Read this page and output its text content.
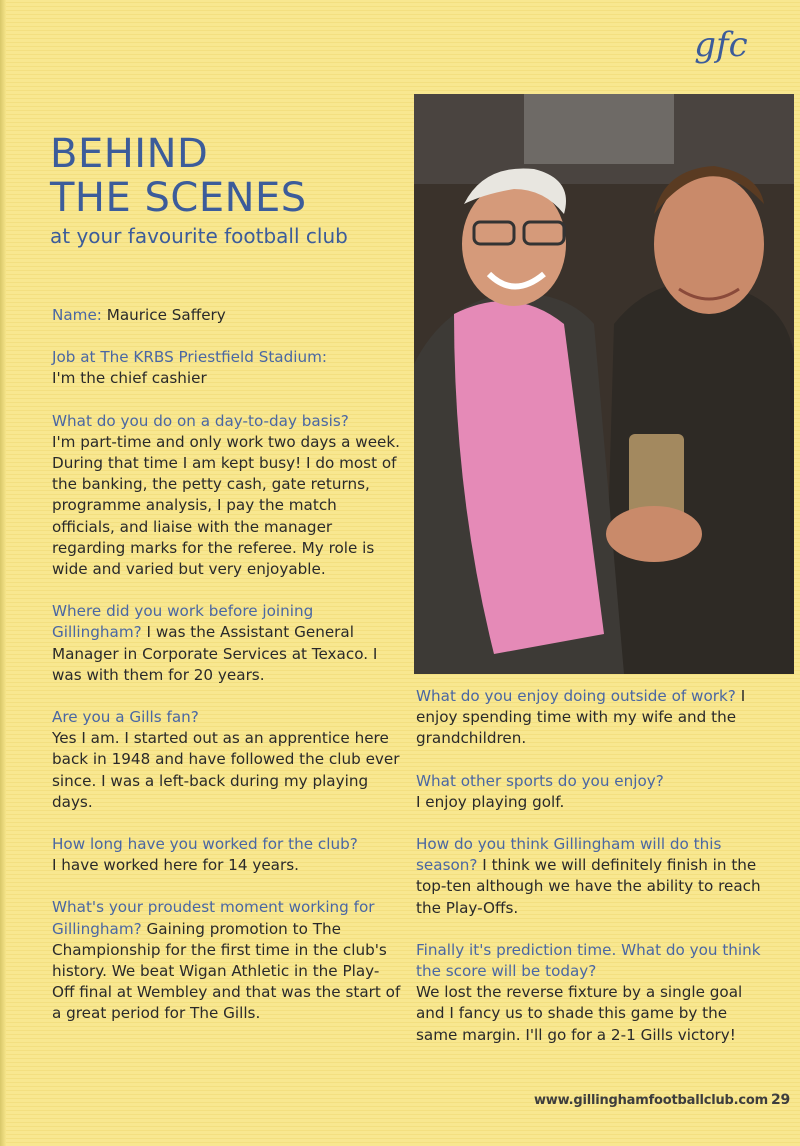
gfc
BEHIND
THE SCENES
at your favourite football club

Name: Maurice Saffery

Job at The KRBS Priestfield Stadium:
I'm the chief cashier

What do you do on a day-to-day basis?
I'm part-time and only work two days a week. During that time I am kept busy! I do most of the banking, the petty cash, gate returns, programme analysis, I pay the match officials, and liaise with the manager regarding marks for the referee. My role is wide and varied but very enjoyable.

Where did you work before joining Gillingham? I was the Assistant General Manager in Corporate Services at Texaco. I was with them for 20 years.

Are you a Gills fan?
Yes I am. I started out as an apprentice here back in 1948 and have followed the club ever since. I was a left-back during my playing days.

How long have you worked for the club?
I have worked here for 14 years.

What's your proudest moment working for Gillingham? Gaining promotion to The Championship for the first time in the club's history. We beat Wigan Athletic in the Play-Off final at Wembley and that was the start of a great period for The Gills.

What do you enjoy doing outside of work? I enjoy spending time with my wife and the grandchildren.

What other sports do you enjoy?
I enjoy playing golf.

How do you think Gillingham will do this season? I think we will definitely finish in the top-ten although we have the ability to reach the Play-Offs.

Finally it's prediction time. What do you think the score will be today?
We lost the reverse fixture by a single goal and I fancy us to shade this game by the same margin. I'll go for a 2-1 Gills victory!

www.gillinghamfootballclub.com 29
